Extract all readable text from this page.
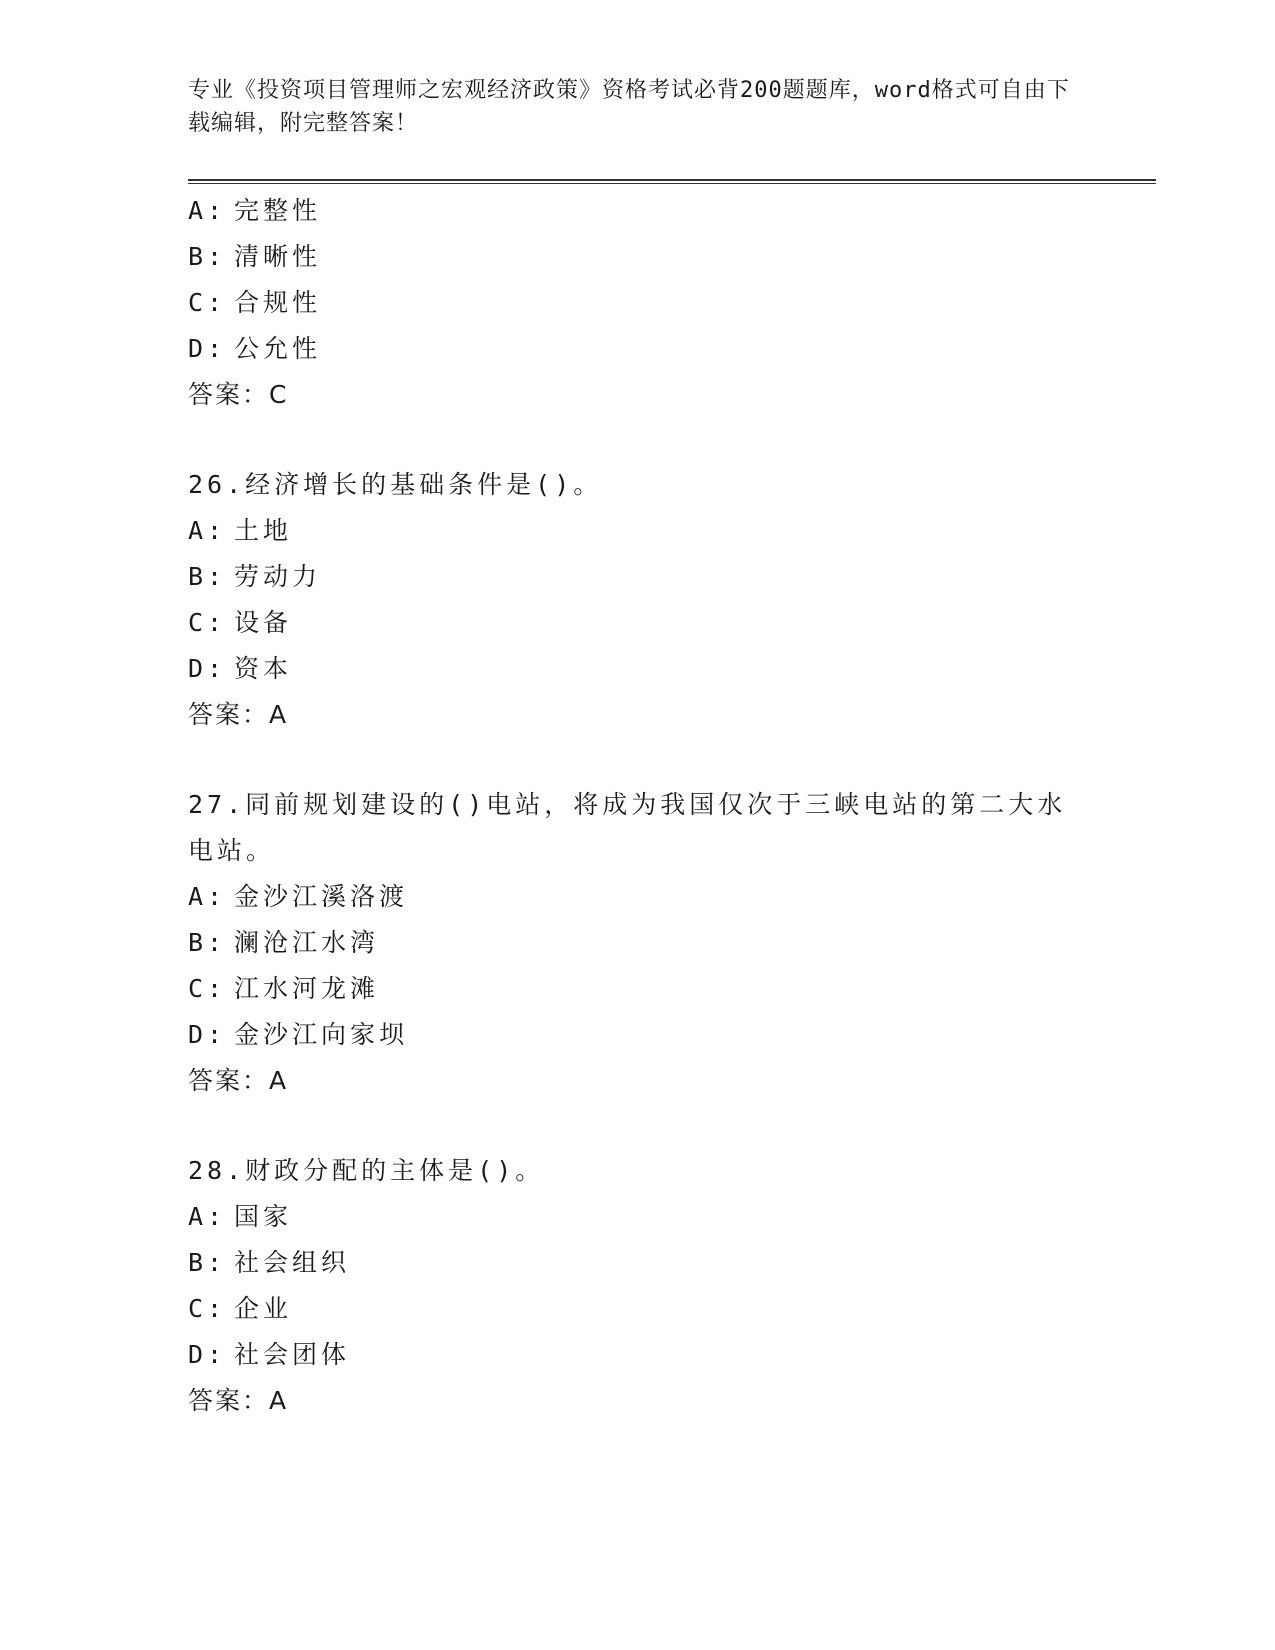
专业《投资项目管理师之宏观经济政策》资格考试必背200题题库，word格式可自由下载编辑，附完整答案！
A: 完整性
B: 清晰性
C: 合规性
D: 公允性
答案：C
26.经济增长的基础条件是()。
A: 土地
B: 劳动力
C: 设备
D: 资本
答案：A
27.同前规划建设的()电站，将成为我国仅次于三峡电站的第二大水电站。
A: 金沙江溪洛渡
B: 澜沧江水湾
C: 江水河龙滩
D: 金沙江向家坝
答案：A
28.财政分配的主体是()。
A: 国家
B: 社会组织
C: 企业
D: 社会团体
答案：A
